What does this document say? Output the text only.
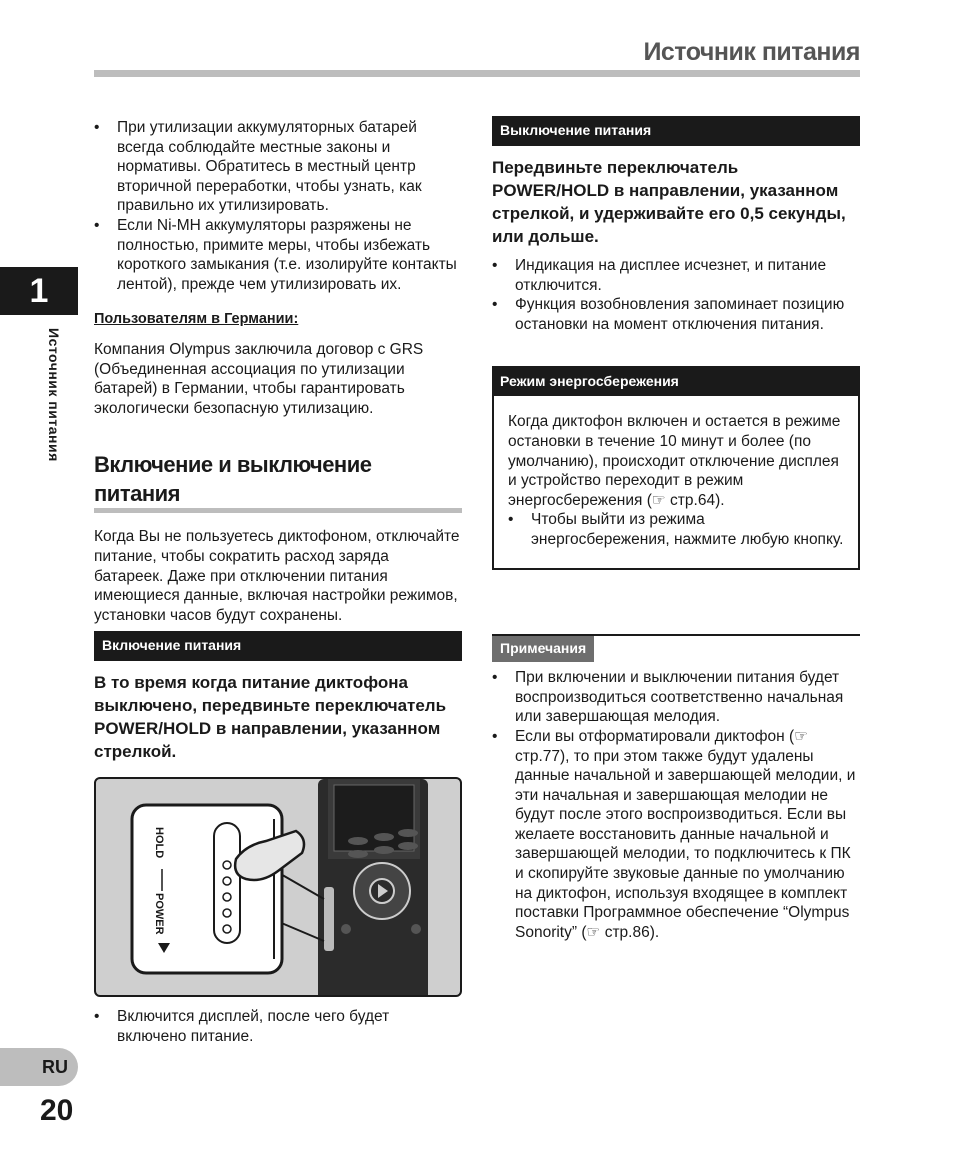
Источник питания
1
Источник питания
RU
20
• При утилизации аккумуляторных батарей всегда соблюдайте местные законы и нормативы. Обратитесь в местный центр вторичной переработки, чтобы узнать, как правильно их утилизировать.
• Если Ni-MH аккумуляторы разряжены не полностью, примите меры, чтобы избежать короткого замыкания (т.е. изолируйте контакты лентой), прежде чем утилизировать их.

Пользователям в Германии:

Компания Olympus заключила договор с GRS (Объединенная ассоциация по утилизации батарей) в Германии, чтобы гарантировать экологически безопасную утилизацию.

Включение и выключение питания

Когда Вы не пользуетесь диктофоном, отключайте питание, чтобы сократить расход заряда батареек. Даже при отключении питания имеющиеся данные, включая настройки режимов, установки часов будут сохранены.

Включение питания
В то время когда питание диктофона выключено, передвиньте переключатель POWER/HOLD в направлении, указанном стрелкой.
HOLD
POWER
• Включится дисплей, после чего будет включено питание.
Выключение питания
Передвиньте переключатель POWER/HOLD в направлении, указанном стрелкой, и удерживайте его 0,5 секунды, или дольше.
• Индикация на дисплее исчезнет, и питание отключится.
• Функция возобновления запоминает позицию остановки на момент отключения питания.
Режим энергосбережения

Когда диктофон включен и остается в режиме остановки в течение 10 минут и более (по умолчанию), происходит отключение дисплея и устройство переходит в режим энергосбережения (☞ стр.64).

• Чтобы выйти из режима энергосбережения, нажмите любую кнопку.
Примечания
• При включении и выключении питания будет воспроизводиться соответственно начальная или завершающая мелодия.
• Если вы отформатировали диктофон (☞ стр.77), то при этом также будут удалены данные начальной и завершающей мелодии, и эти начальная и завершающая мелодии не будут после этого воспроизводиться. Если вы желаете восстановить данные начальной и завершающей мелодии, то подключитесь к ПК и скопируйте звуковые данные по умолчанию на диктофон, используя входящее в комплект поставки Программное обеспечение “Olympus Sonority” (☞ стр.86).
